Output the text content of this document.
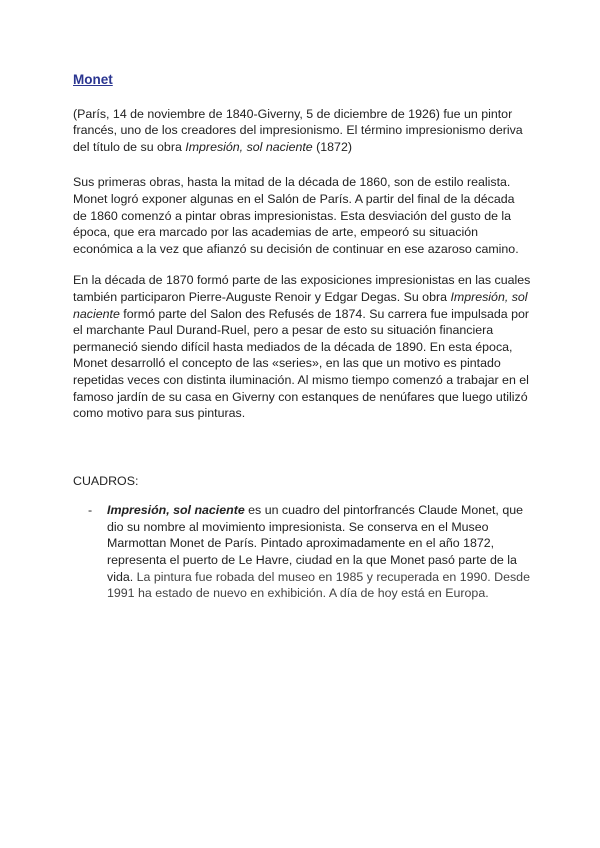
Monet

(París, 14 de noviembre de 1840-Giverny, 5 de diciembre de 1926) fue un pintor francés, uno de los creadores del impresionismo. El término impresionismo deriva del título de su obra Impresión, sol naciente (1872)

Sus primeras obras, hasta la mitad de la década de 1860, son de estilo realista. Monet logró exponer algunas en el Salón de París. A partir del final de la década de 1860 comenzó a pintar obras impresionistas. Esta desviación del gusto de la época, que era marcado por las academias de arte, empeoró su situación económica a la vez que afianzó su decisión de continuar en ese azaroso camino.

En la década de 1870 formó parte de las exposiciones impresionistas en las cuales también participaron Pierre-Auguste Renoir y Edgar Degas. Su obra Impresión, sol naciente formó parte del Salon des Refusés de 1874. Su carrera fue impulsada por el marchante Paul Durand-Ruel, pero a pesar de esto su situación financiera permaneció siendo difícil hasta mediados de la década de 1890. En esta época, Monet desarrolló el concepto de las «series», en las que un motivo es pintado repetidas veces con distinta iluminación. Al mismo tiempo comenzó a trabajar en el famoso jardín de su casa en Giverny con estanques de nenúfares que luego utilizó como motivo para sus pinturas.

CUADROS:
- Impresión, sol naciente es un cuadro del pintorfrancés Claude Monet, que dio su nombre al movimiento impresionista. Se conserva en el Museo Marmottan Monet de París. Pintado aproximadamente en el año 1872, representa el puerto de Le Havre, ciudad en la que Monet pasó parte de la vida. La pintura fue robada del museo en 1985 y recuperada en 1990. Desde 1991 ha estado de nuevo en exhibición. A día de hoy está en Europa.
